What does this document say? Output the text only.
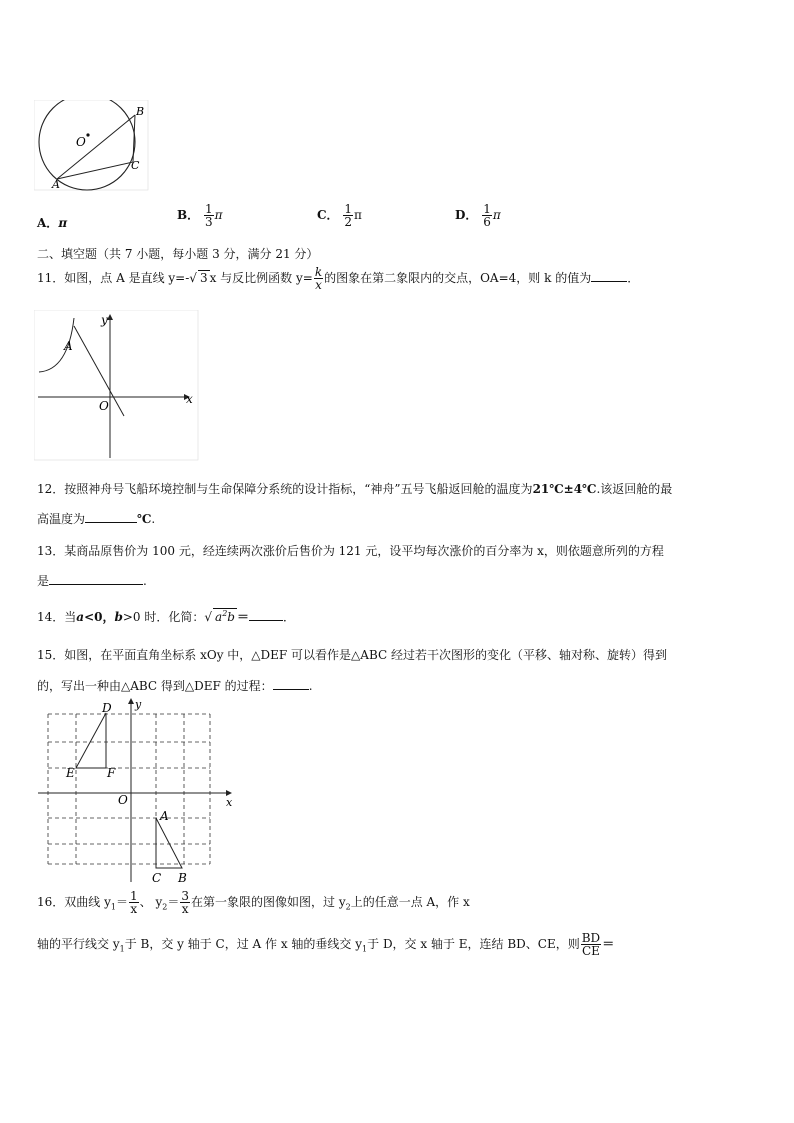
O
B
C
A
A．π
B． $\frac{1}{3}$ π	C． $\frac{1}{2}$ π	D． $\frac{1}{6}$ π
二、填空题（共 7 小题，每小题 3 分，满分 21 分）
11．如图，点 A 是直线 y=-√ 3 x 与反比例函数 $y= \frac{k}{x}$ 的图象在第二象限内的交点，OA=4，则 k 的值为	．
y
x
O
A
12．按照神舟号飞船环境控制与生命保障分系统的设计指标，“神舟”五号飞船返回舱的温度为21℃±4℃.该返回舱的最
高温度为	℃.
13．某商品原售价为 100 元，经连续两次涨价后售价为 121 元，设平均每次涨价的百分率为 x，则依题意所列的方程
是	.
14．当a<0，b>0 时．化简：√ $a^2b$ ＝	．
15．如图，在平面直角坐标系 xOy 中，△DEF 可以看作是△ABC 经过若干次图形的变化（平移、轴对称、旋转）得到
的，写出一种由△ABC 得到△DEF 的过程：	.
D y
E	F
O	x
A
C B
16．双曲线 $y_1= \frac{1}{x}$ 、 $y_2= \frac{3}{x}$ 在第一象限的图像如图，过 $y_2$上的任意一点 A，作 x
轴的平行线交 $y_1$于 B，交 y 轴于 C，过 A 作 x 轴的垂线交 $y_1$于 D，交 x 轴于 E，连结 BD、CE，则 $\frac{BD}{CE}$ ＝
